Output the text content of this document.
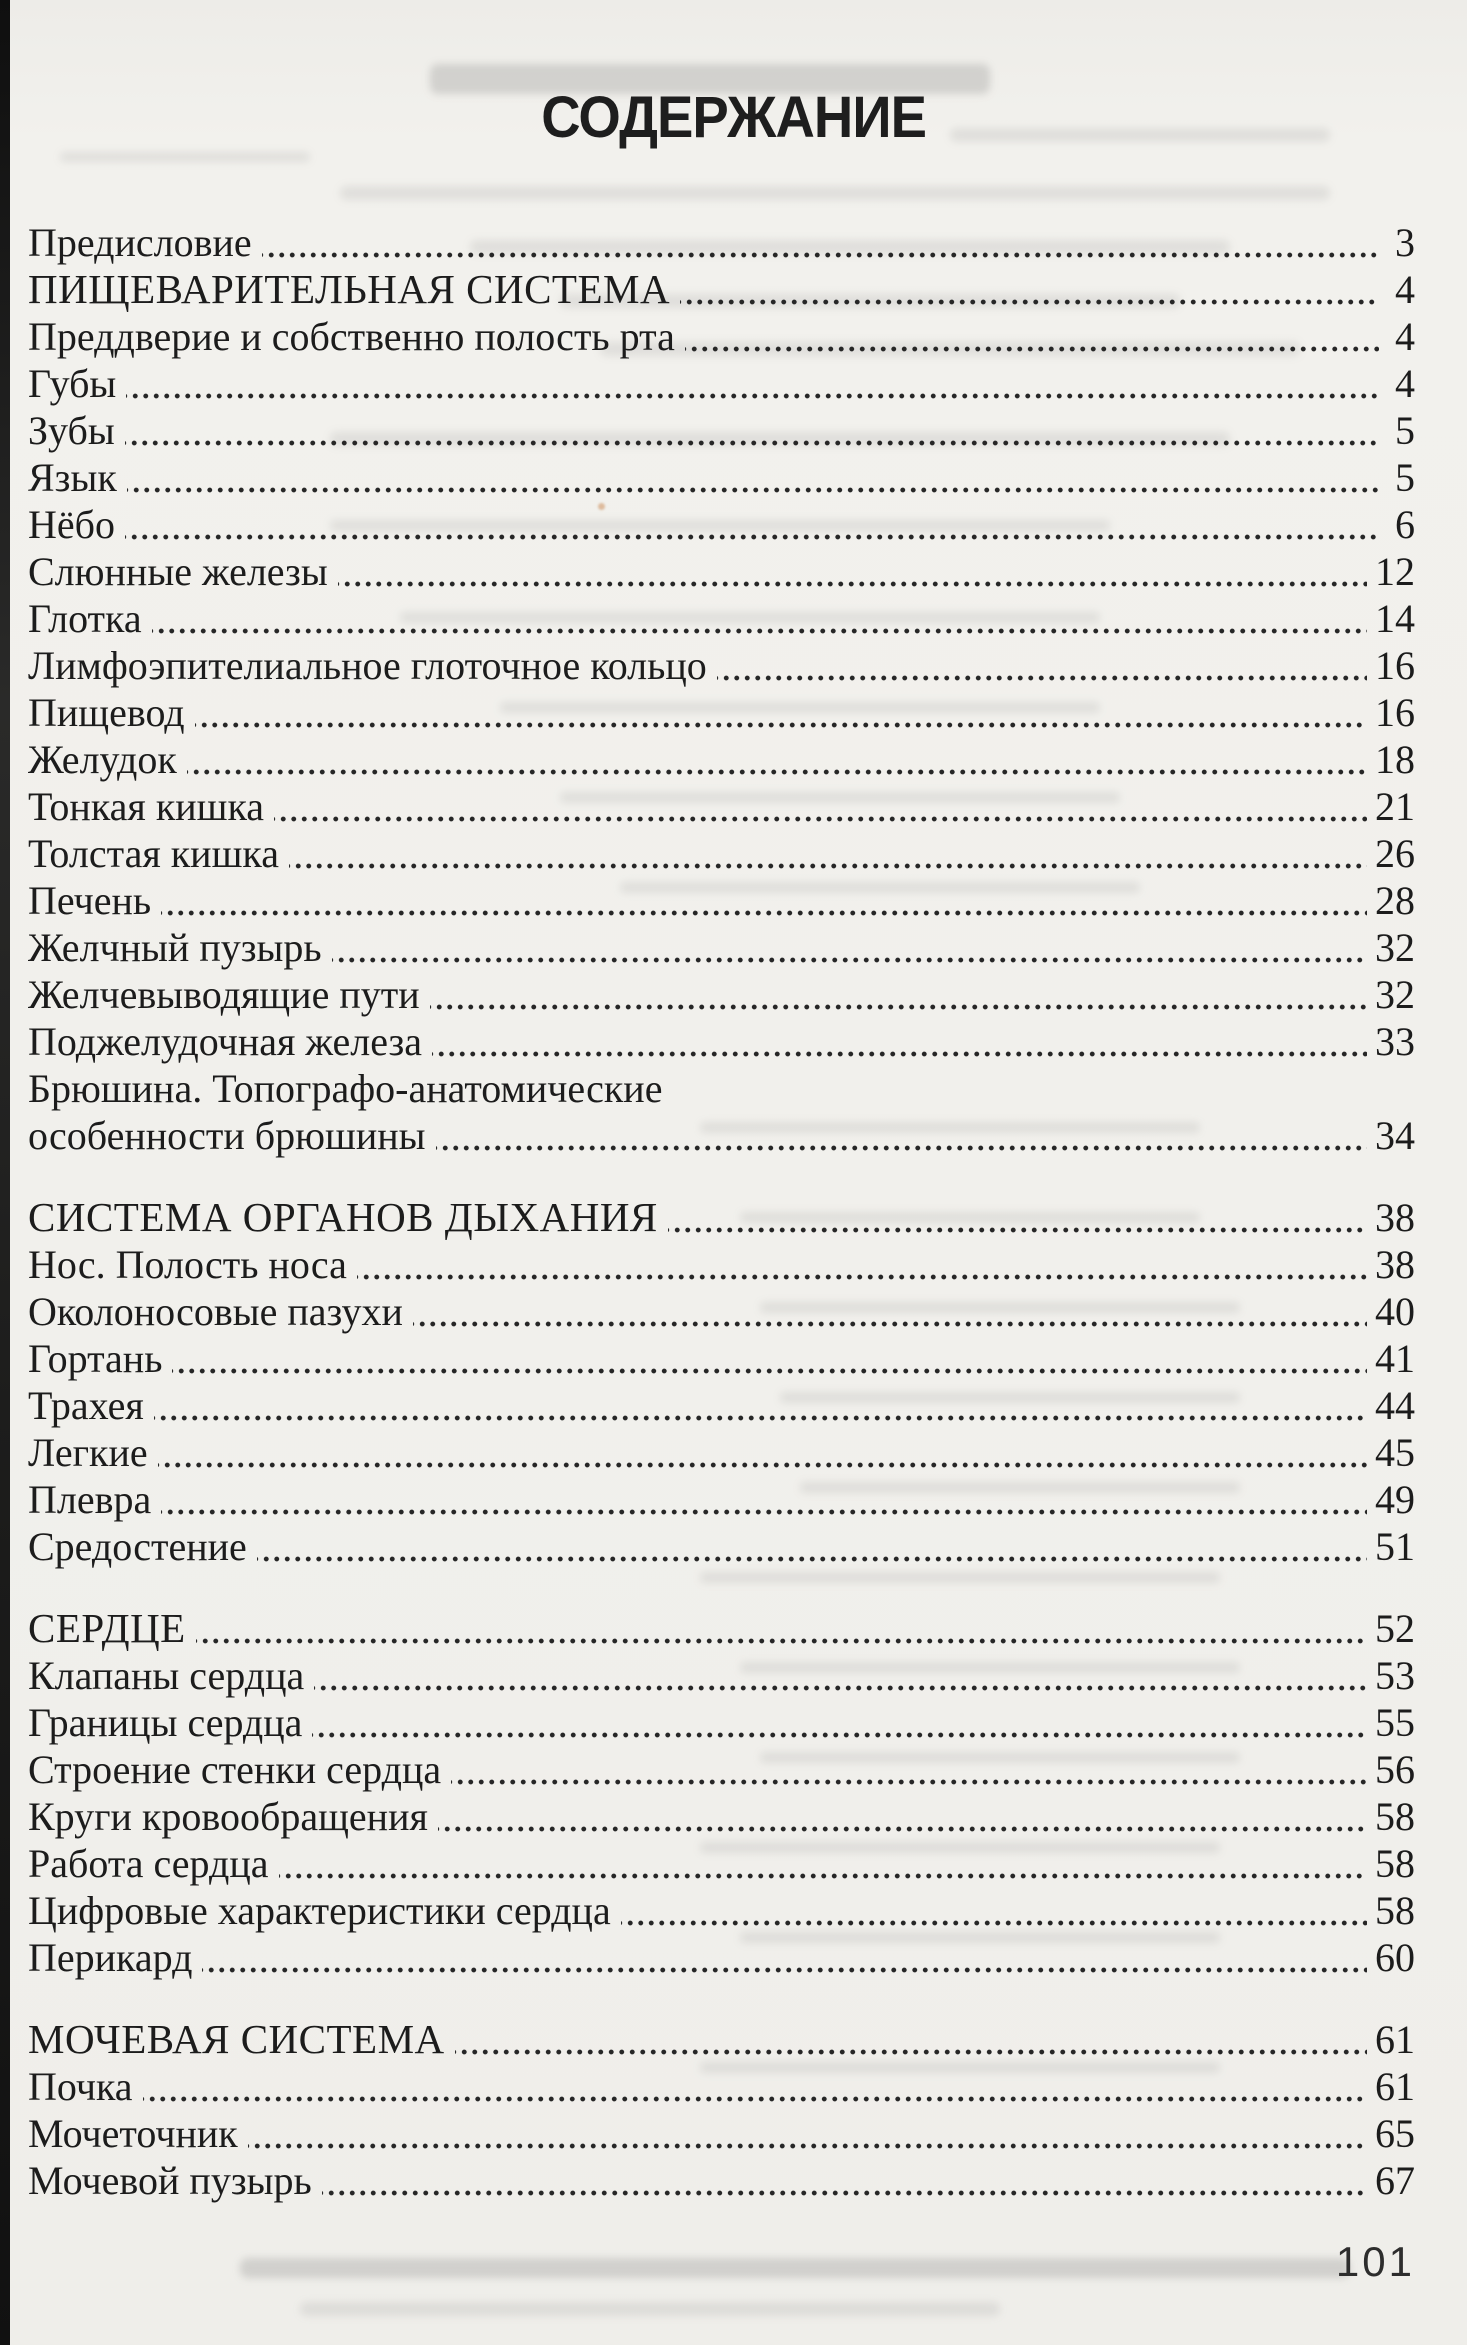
СОДЕРЖАНИЕ
Предисловие	3
ПИЩЕВАРИТЕЛЬНАЯ СИСТЕМА	4
Преддверие и собственно полость рта	4
Губы	4
Зубы	5
Язык	5
Нёбо	6
Слюнные железы	12
Глотка	14
Лимфоэпителиальное глоточное кольцо	16
Пищевод	16
Желудок	18
Тонкая кишка	21
Толстая кишка	26
Печень	28
Желчный пузырь	32
Желчевыводящие пути	32
Поджелудочная железа	33
Брюшина. Топографо-анатомические
особенности брюшины	34
СИСТЕМА ОРГАНОВ ДЫХАНИЯ	38
Нос. Полость носа	38
Околоносовые пазухи	40
Гортань	41
Трахея	44
Легкие	45
Плевра	49
Средостение	51
СЕРДЦЕ	52
Клапаны сердца	53
Границы сердца	55
Строение стенки сердца	56
Круги кровообращения	58
Работа сердца	58
Цифровые характеристики сердца	58
Перикард	60
МОЧЕВАЯ СИСТЕМА	61
Почка	61
Мочеточник	65
Мочевой пузырь	67
101
